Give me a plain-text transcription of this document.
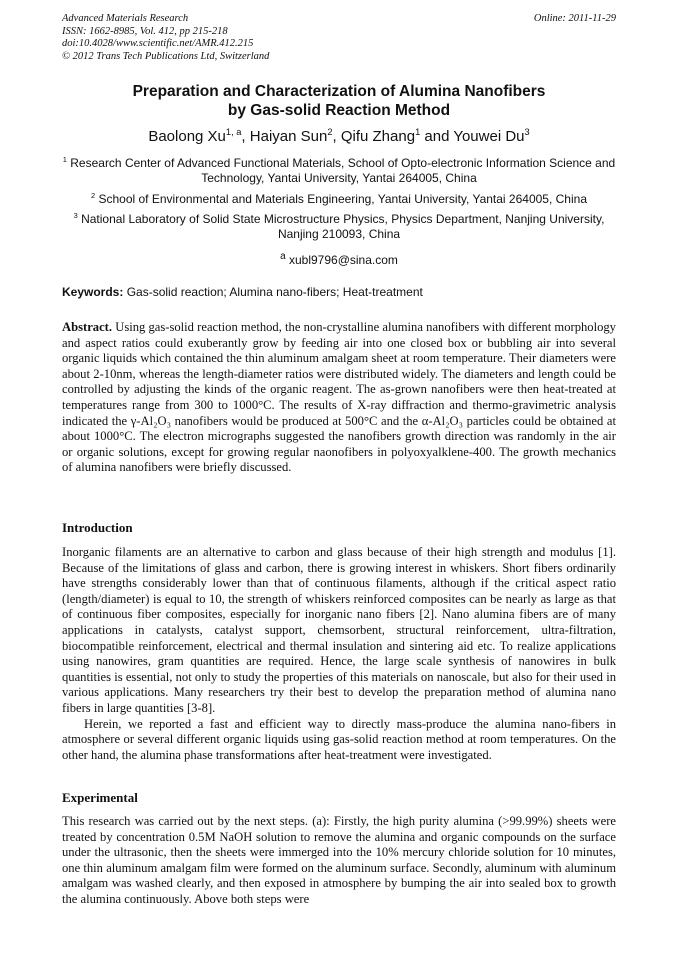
Advanced Materials Research
ISSN: 1662-8985, Vol. 412, pp 215-218
doi:10.4028/www.scientific.net/AMR.412.215
© 2012 Trans Tech Publications Ltd, Switzerland
Online: 2011-11-29
Preparation and Characterization of Alumina Nanofibers
by Gas-solid Reaction Method
Baolong Xu$^{1, a}$, Haiyan Sun$^2$, Qifu Zhang$^1$ and Youwei Du$^3$
$^1$ Research Center of Advanced Functional Materials, School of Opto-electronic Information Science and Technology, Yantai University, Yantai 264005, China
$^2$ School of Environmental and Materials Engineering, Yantai University, Yantai 264005, China
$^3$ National Laboratory of Solid State Microstructure Physics, Physics Department, Nanjing University, Nanjing 210093, China
$^a$ xubl9796@sina.com
Keywords: Gas-solid reaction; Alumina nano-fibers; Heat-treatment
Abstract. Using gas-solid reaction method, the non-crystalline alumina nanofibers with different morphology and aspect ratios could exuberantly grow by feeding air into one closed box or bubbling air into several organic liquids which contained the thin aluminum amalgam sheet at room temperature. Their diameters were about 2-10nm, whereas the length-diameter ratios were distributed widely. The diameters and length could be controlled by adjusting the kinds of the organic reagent. The as-grown nanofibers were then heat-treated at temperatures range from 300 to 1000°C. The results of X-ray diffraction and thermo-gravimetric analysis indicated the γ-Al₂O₃ nanofibers would be produced at 500°C and the α-Al₂O₃ particles could be obtained at about 1000°C. The electron micrographs suggested the nanofibers growth direction was randomly in the air or organic solutions, except for growing regular naonofibers in polyoxyalklene-400. The growth mechanics of alumina nanofibers were briefly discussed.
Introduction
Inorganic filaments are an alternative to carbon and glass because of their high strength and modulus [1]. Because of the limitations of glass and carbon, there is growing interest in whiskers. Short fibers ordinarily have strengths considerably lower than that of continuous filaments, although if the critical aspect ratio (length/diameter) is equal to 10, the strength of whiskers reinforced composites can be nearly as large as that of continuous fiber composites, especially for inorganic nano fibers [2]. Nano alumina fibers are of many applications in catalysts, catalyst support, chemsorbent, structural reinforcement, ultra-filtration, biocompatible reinforcement, electrical and thermal insulation and sintering aid etc. To realize applications using nanowires, gram quantities are required. Hence, the large scale synthesis of nanowires in bulk quantities is essential, not only to study the properties of this materials on nanoscale, but also for their used in various applications. Many researchers try their best to develop the preparation method of alumina nano fibers in large quantities [3-8].
Herein, we reported a fast and efficient way to directly mass-produce the alumina nano-fibers in atmosphere or several different organic liquids using gas-solid reaction method at room temperatures. On the other hand, the alumina phase transformations after heat-treatment were investigated.
Experimental
This research was carried out by the next steps. (a): Firstly, the high purity alumina (>99.99%) sheets were treated by concentration 0.5M NaOH solution to remove the alumina and organic compounds on the surface under the ultrasonic, then the sheets were immerged into the 10% mercury chloride solution for 10 minutes, one thin aluminum amalgam film were formed on the aluminum surface. Secondly, aluminum with aluminum amalgam was washed clearly, and then exposed in atmosphere by bumping the air into sealed box to growth the alumina continuously. Above both steps were
